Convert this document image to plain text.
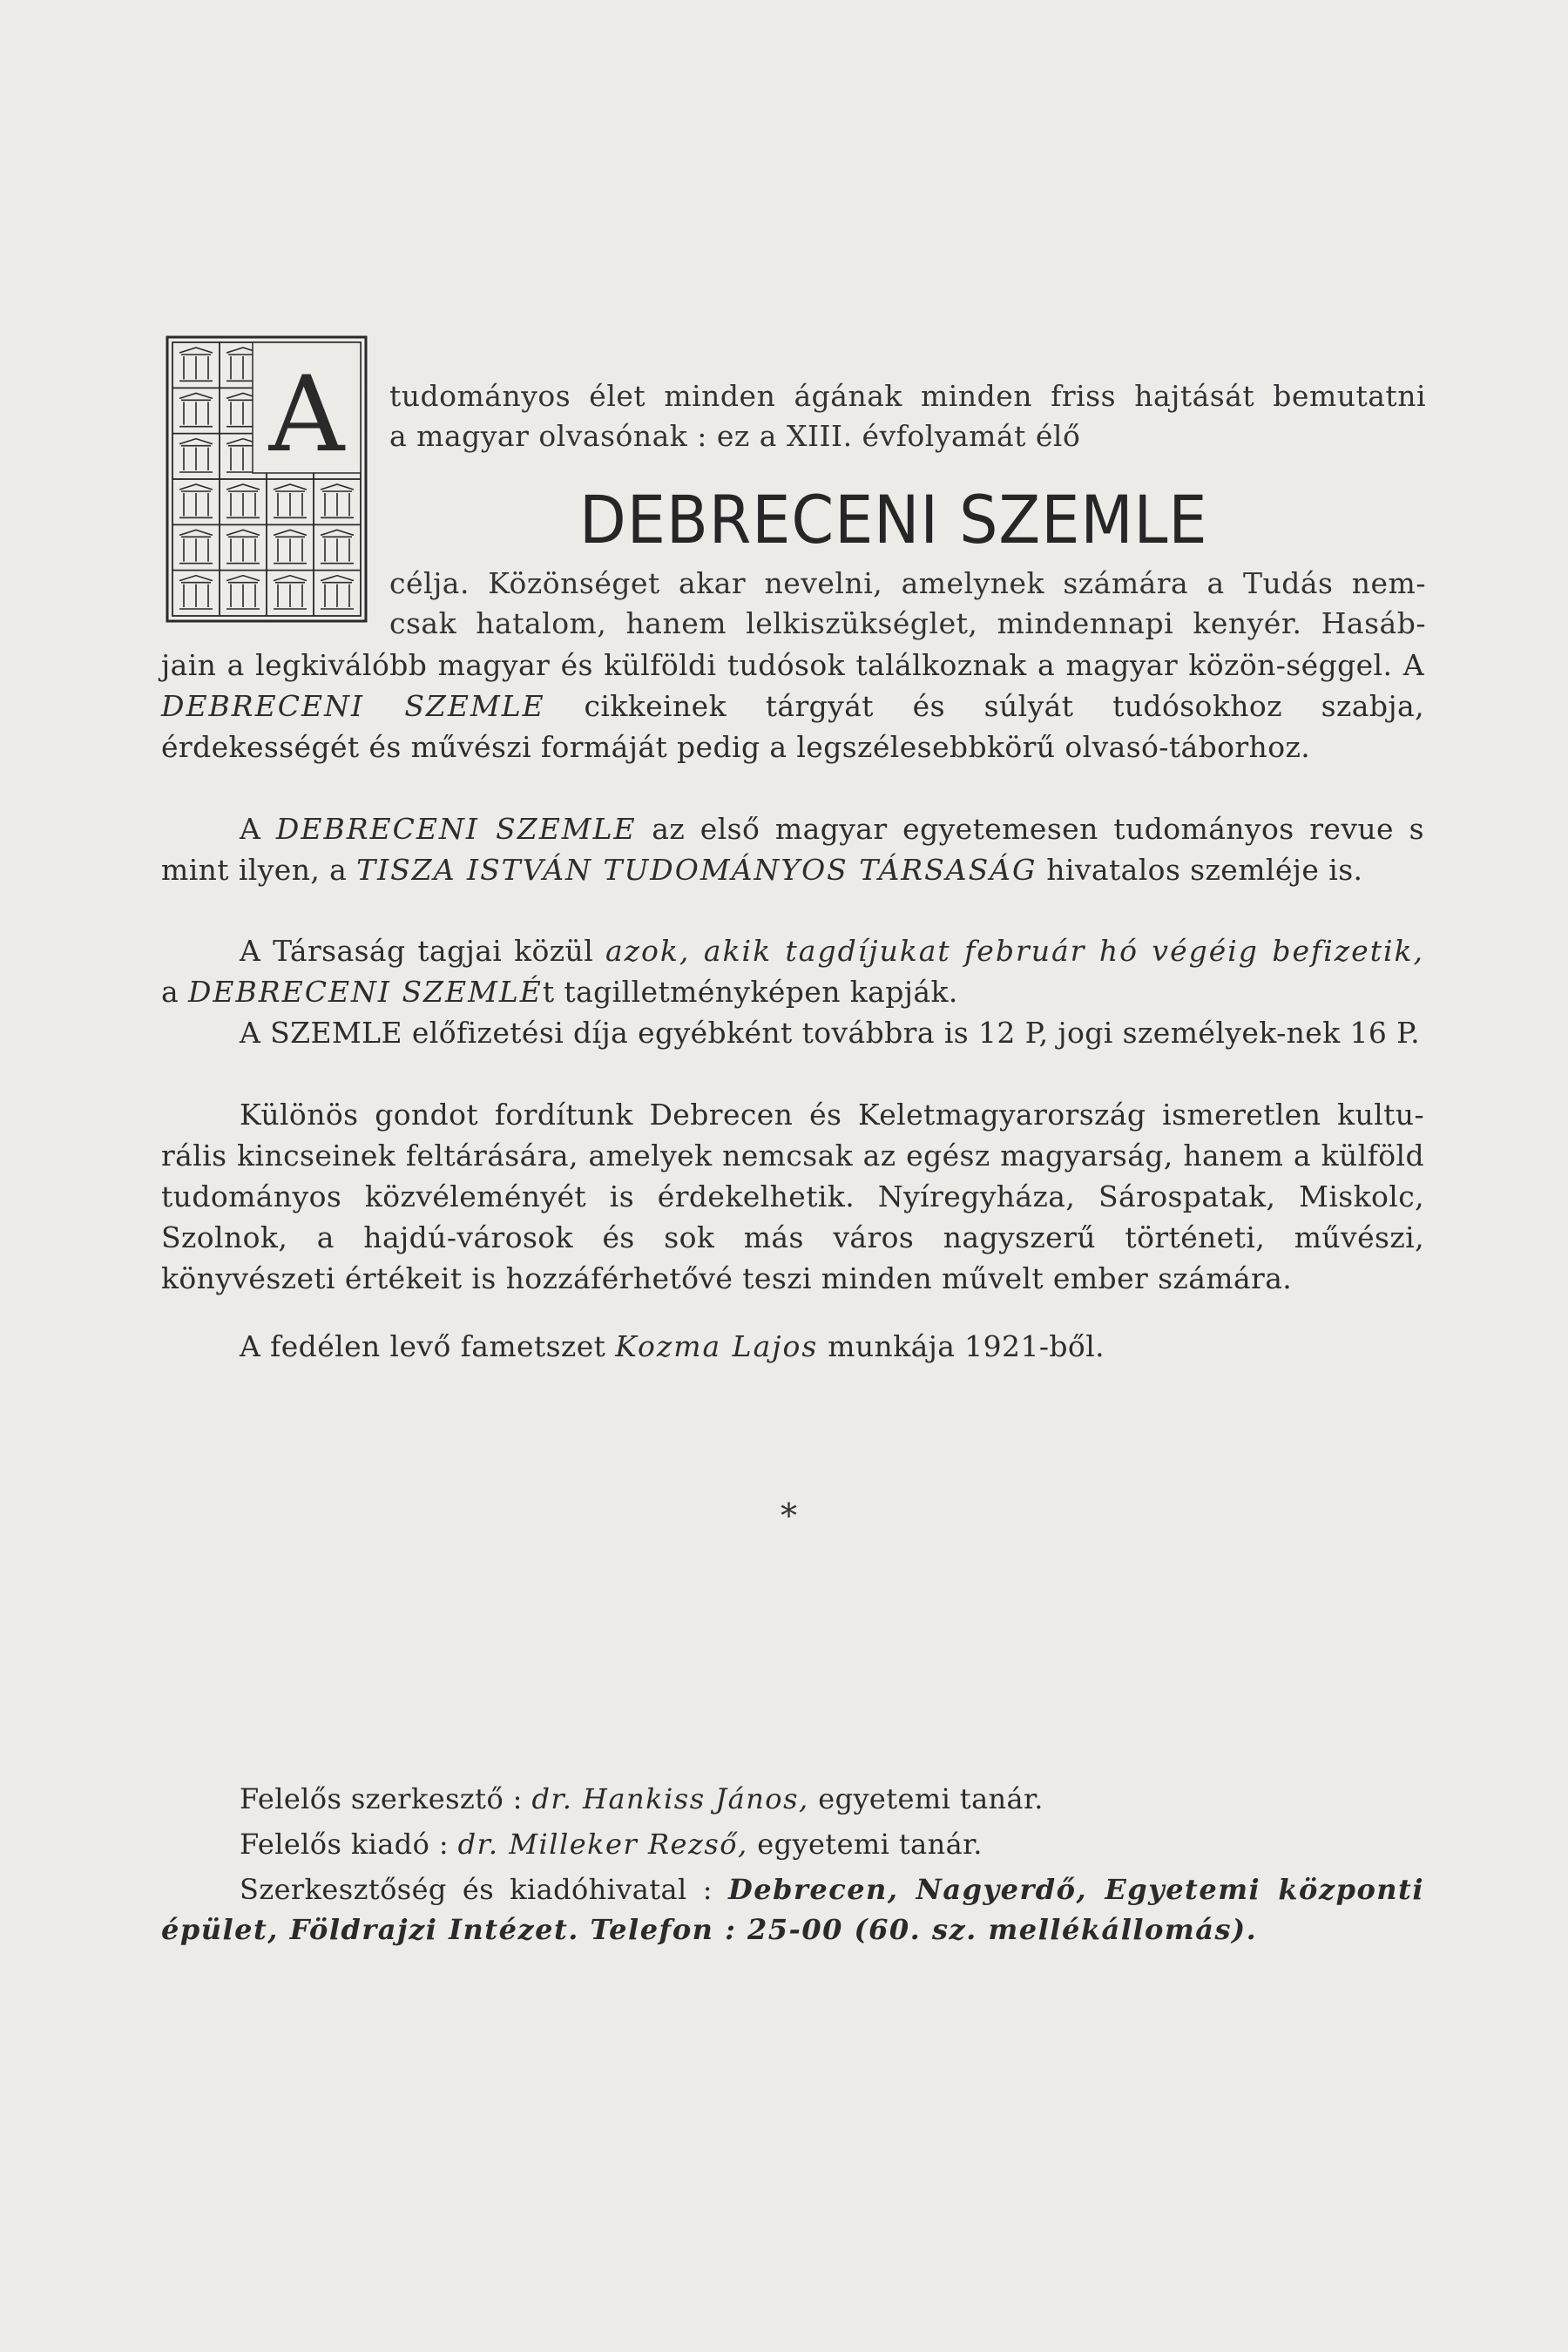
A tudományos élet minden ágának minden friss hajtását bemutatni
a magyar olvasónak : ez a XIII. évfolyamát élő
DEBRECENI SZEMLE
célja. Közönséget akar nevelni, amelynek számára a Tudás nem-
csak hatalom, hanem lelkiszükséglet, mindennapi kenyér. Hasáb-
jain a legkiválóbb magyar és külföldi tudósok találkoznak a magyar közön-séggel. A DEBRECENI SZEMLE cikkeinek tárgyát és súlyát tudósokhoz szabja, érdekességét és művészi formáját pedig a legszélesebbkörű olvasó-táborhoz.
A DEBRECENI SZEMLE az első magyar egyetemesen tudományos revue s mint ilyen, a TISZA ISTVÁN TUDOMÁNYOS TÁRSASÁG hivatalos szemléje is.
A Társaság tagjai közül azok, akik tagdíjukat február hó végéig befizetik, a DEBRECENI SZEMLÉt tagilletményképen kapják.
A SZEMLE előfizetési díja egyébként továbbra is 12 P, jogi személyek-nek 16 P.
Különös gondot fordítunk Debrecen és Keletmagyarország ismeretlen kultu-rális kincseinek feltárására, amelyek nemcsak az egész magyarság, hanem a külföld tudományos közvéleményét is érdekelhetik. Nyíregyháza, Sárospatak, Miskolc, Szolnok, a hajdú-városok és sok más város nagyszerű történeti, művészi, könyvészeti értékeit is hozzáférhetővé teszi minden művelt ember számára.
A fedélen levő fametszet Kozma Lajos munkája 1921-ből.
*
Felelős szerkesztő : dr. Hankiss János, egyetemi tanár.
Felelős kiadó : dr. Milleker Rezső, egyetemi tanár.
Szerkesztőség és kiadóhivatal : Debrecen, Nagyerdő, Egyetemi központi épület, Földrajzi Intézet. Telefon : 25-00 (60. sz. mellékállomás).
